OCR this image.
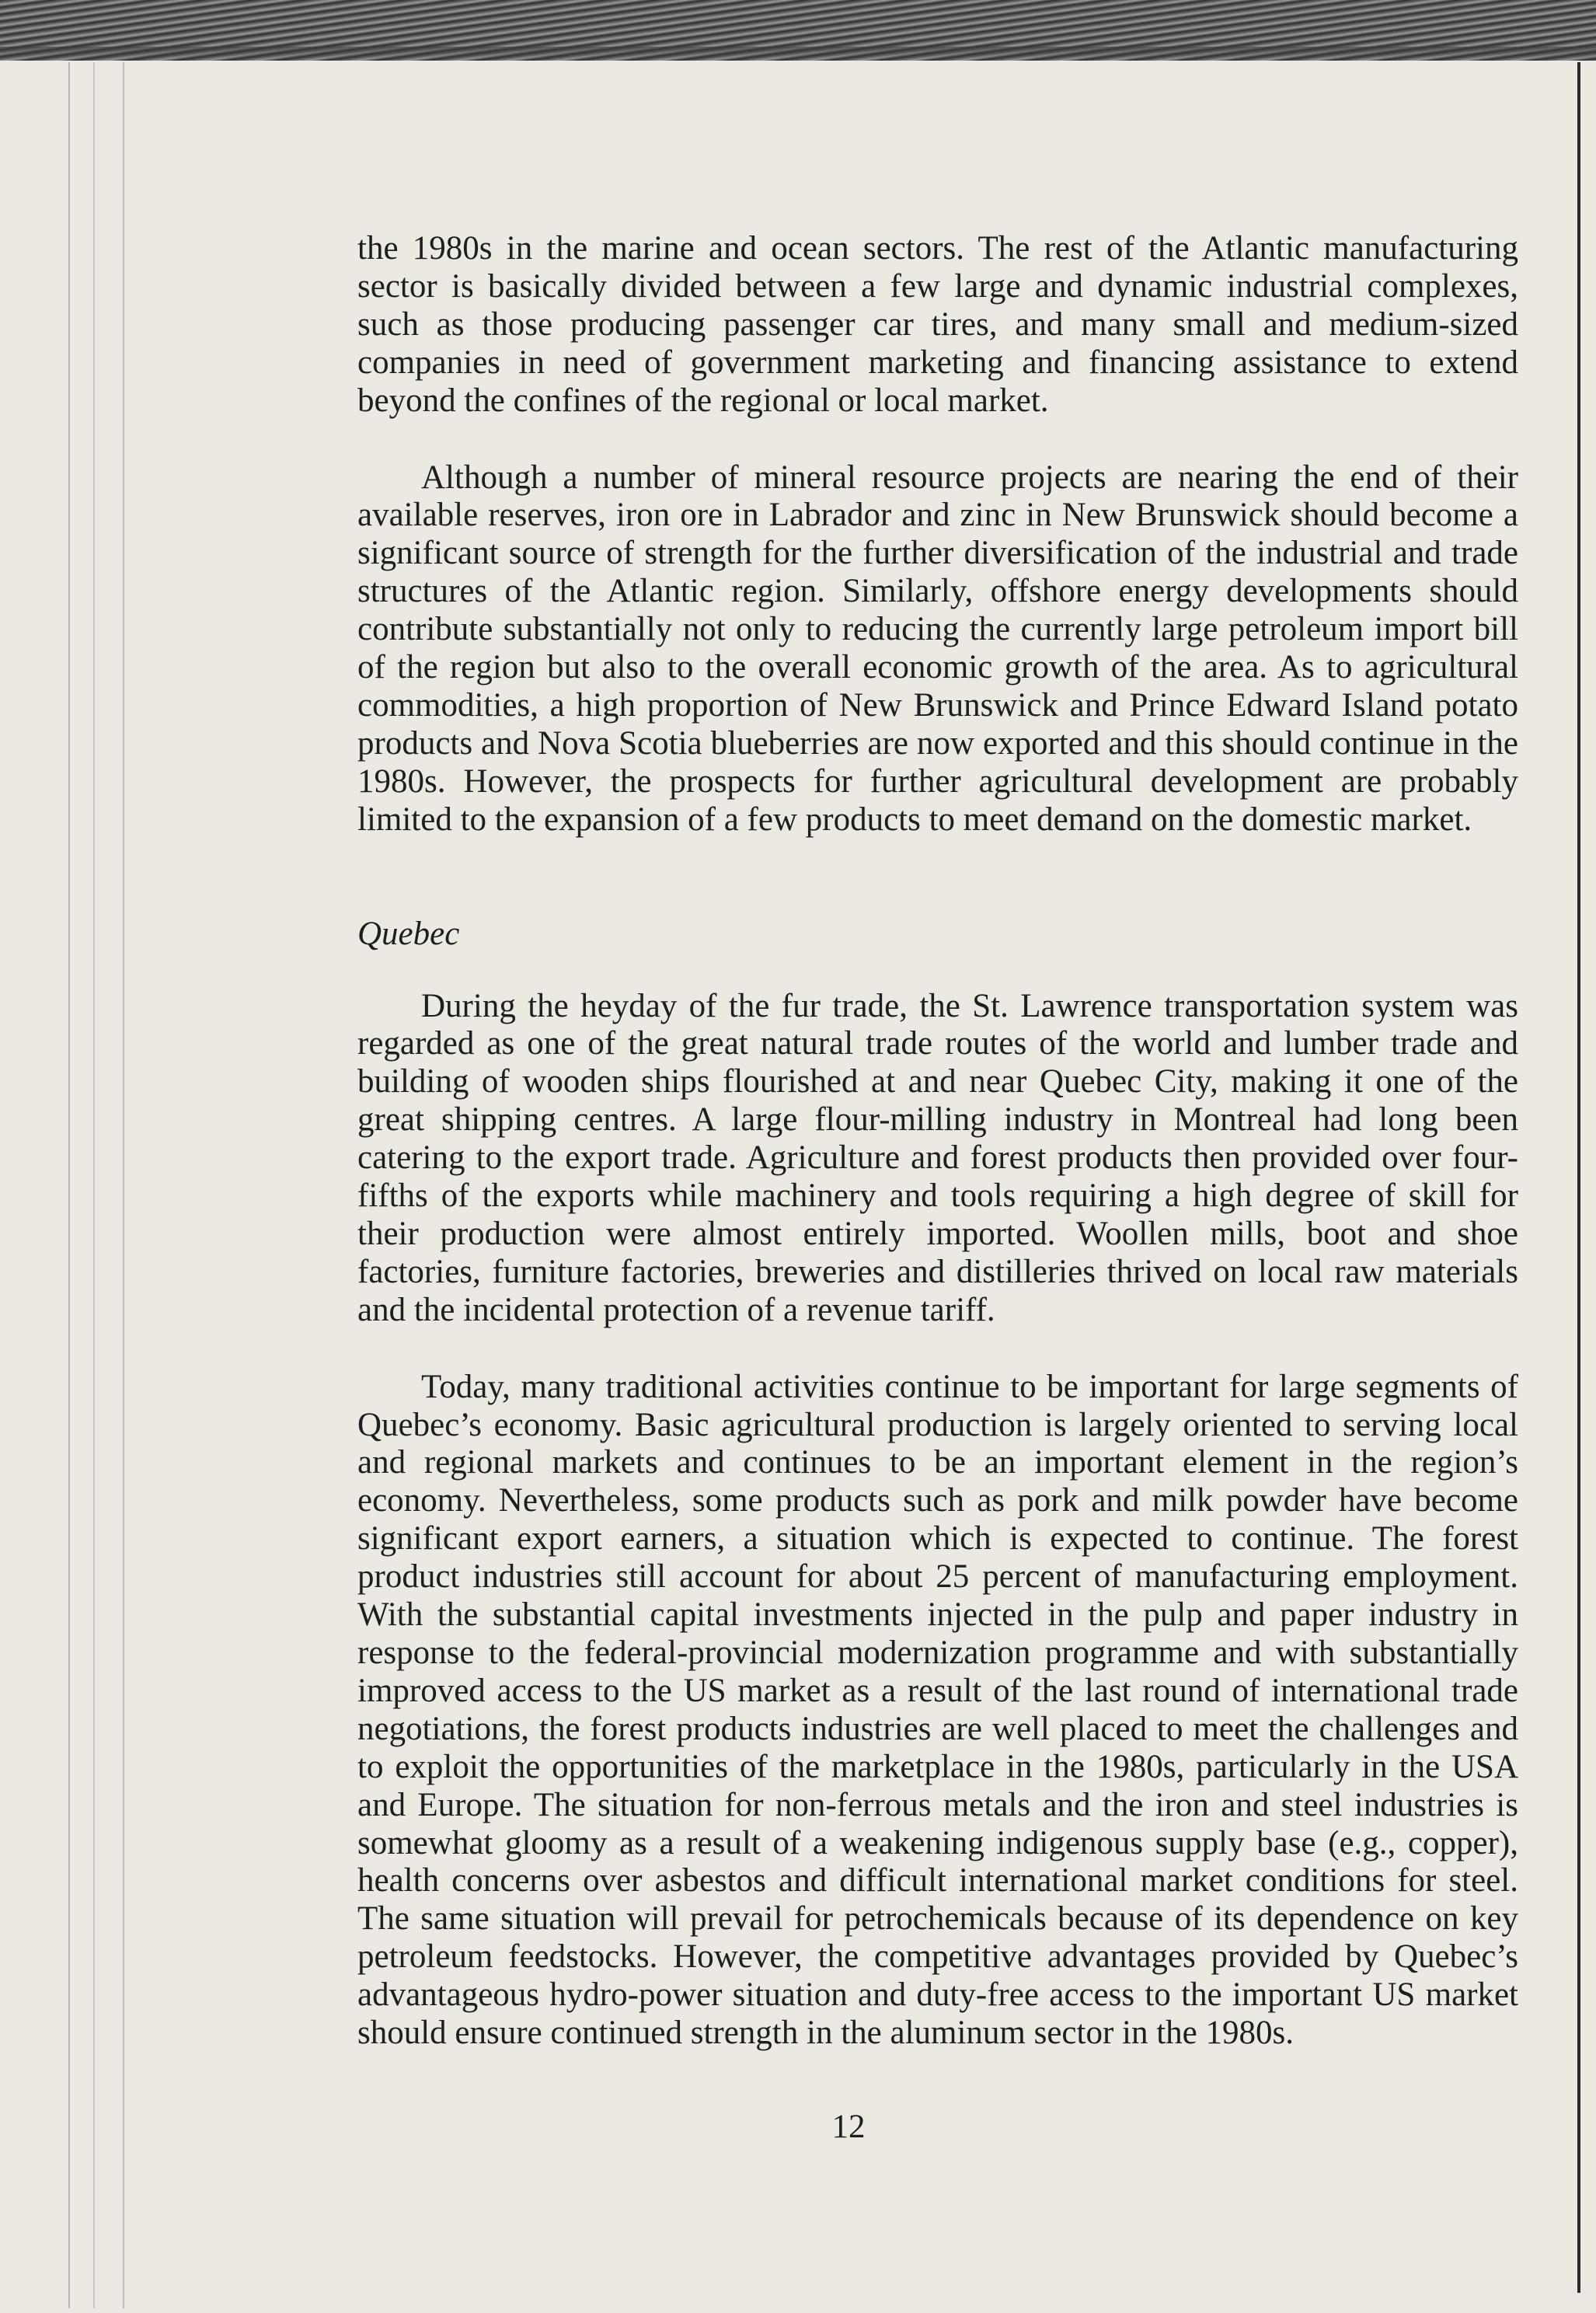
the 1980s in the marine and ocean sectors. The rest of the Atlantic manufacturing sector is basically divided between a few large and dynamic industrial complexes, such as those producing passenger car tires, and many small and medium-sized companies in need of government marketing and financing assistance to extend beyond the confines of the regional or local market.

Although a number of mineral resource projects are nearing the end of their available reserves, iron ore in Labrador and zinc in New Brunswick should become a significant source of strength for the further diversification of the industrial and trade structures of the Atlantic region. Similarly, offshore energy developments should contribute substantially not only to reducing the currently large petroleum import bill of the region but also to the overall economic growth of the area. As to agricultural commodities, a high proportion of New Brunswick and Prince Edward Island potato products and Nova Scotia blueberries are now exported and this should continue in the 1980s. However, the prospects for further agricultural development are probably limited to the expansion of a few products to meet demand on the domestic market.

Quebec

During the heyday of the fur trade, the St. Lawrence transportation system was regarded as one of the great natural trade routes of the world and lumber trade and building of wooden ships flourished at and near Quebec City, making it one of the great shipping centres. A large flour-milling industry in Montreal had long been catering to the export trade. Agriculture and forest products then provided over four-fifths of the exports while machinery and tools requiring a high degree of skill for their production were almost entirely imported. Woollen mills, boot and shoe factories, furniture factories, breweries and distilleries thrived on local raw materials and the incidental protection of a revenue tariff.

Today, many traditional activities continue to be important for large segments of Quebec’s economy. Basic agricultural production is largely oriented to serving local and regional markets and continues to be an important element in the region’s economy. Nevertheless, some products such as pork and milk powder have become significant export earners, a situation which is expected to continue. The forest product industries still account for about 25 percent of manufacturing employment. With the substantial capital investments injected in the pulp and paper industry in response to the federal-provincial modernization programme and with substantially improved access to the US market as a result of the last round of international trade negotiations, the forest products industries are well placed to meet the challenges and to exploit the opportunities of the marketplace in the 1980s, particularly in the USA and Europe. The situation for non-ferrous metals and the iron and steel industries is somewhat gloomy as a result of a weakening indigenous supply base (e.g., copper), health concerns over asbestos and difficult international market conditions for steel. The same situation will prevail for petrochemicals because of its dependence on key petroleum feedstocks. However, the competitive advantages provided by Quebec’s advantageous hydro-power situation and duty-free access to the important US market should ensure continued strength in the aluminum sector in the 1980s.

12
